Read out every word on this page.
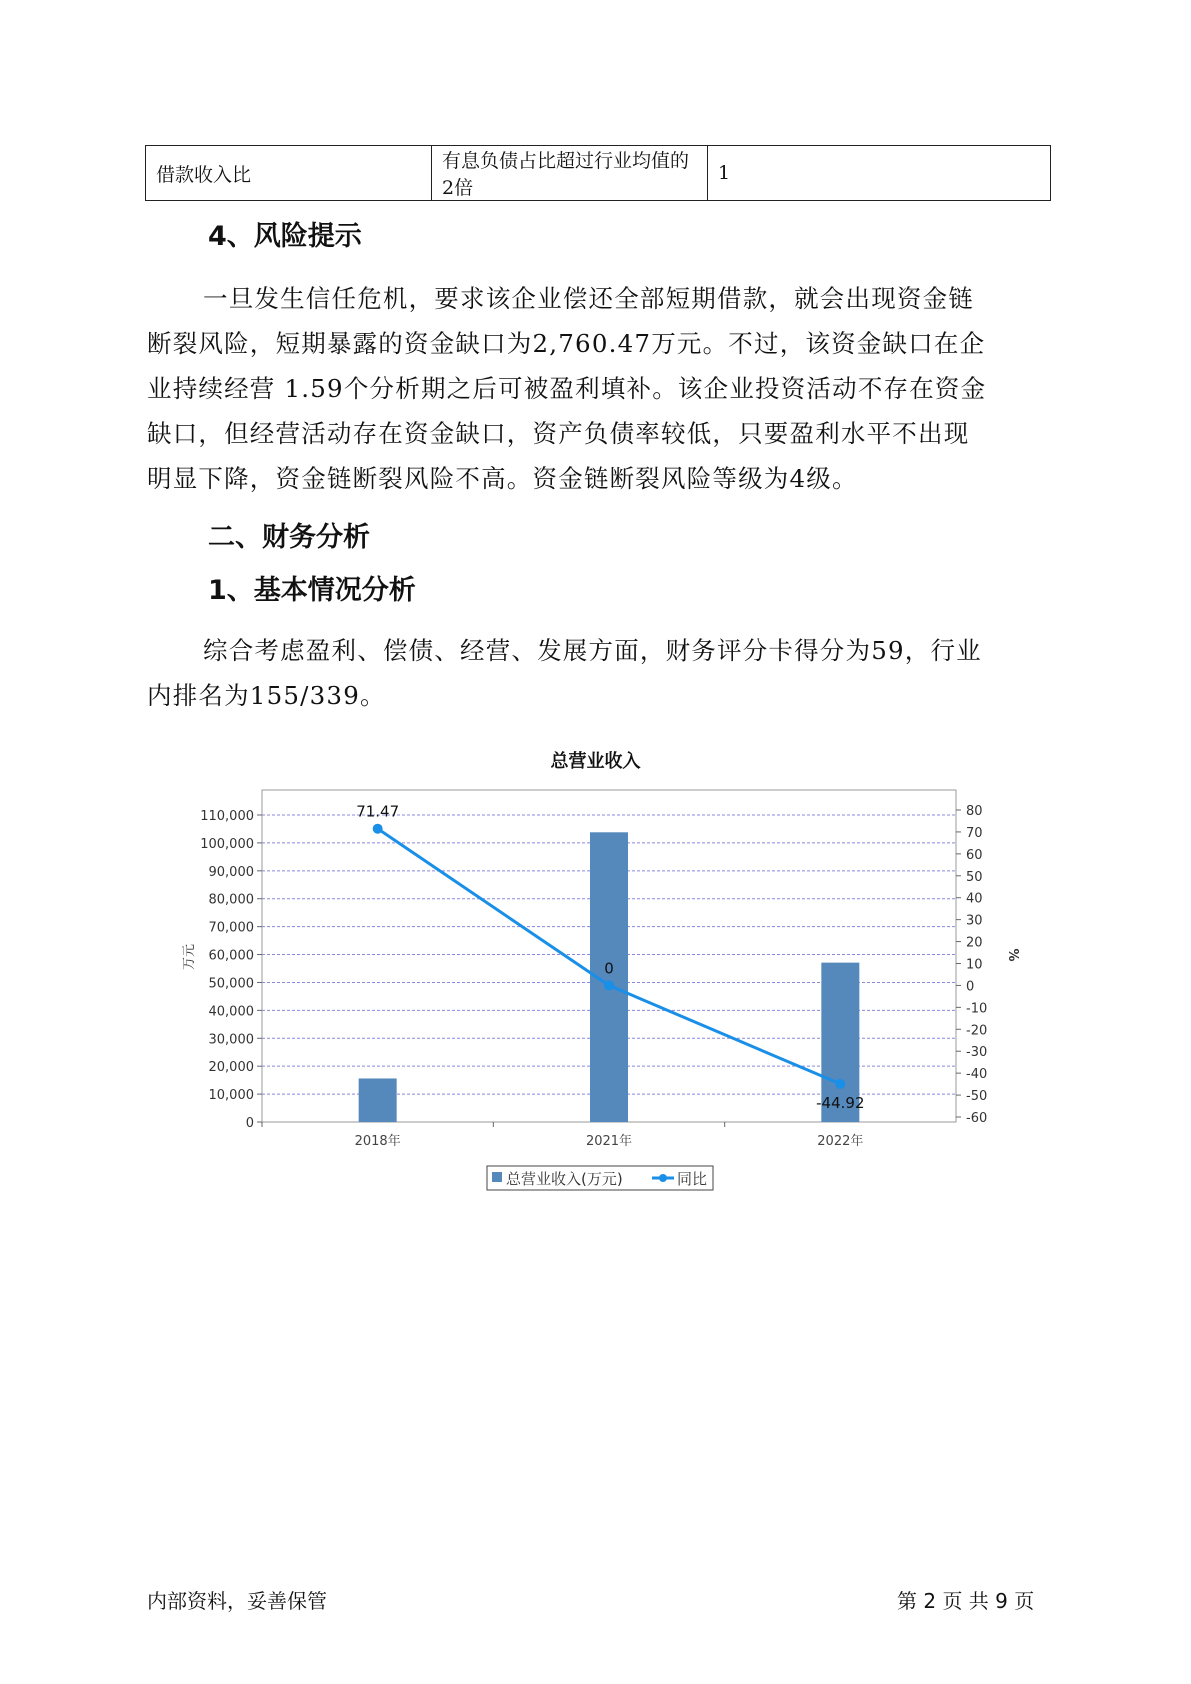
借款收入比	有息负债占比超过行业均值的2倍	1
4、风险提示

一旦发生信任危机，要求该企业偿还全部短期借款，就会出现资金链

断裂风险，短期暴露的资金缺口为2,760.47万元。不过，该资金缺口在企

业持续经营 1.59个分析期之后可被盈利填补。该企业投资活动不存在资金

缺口，但经营活动存在资金缺口，资产负债率较低，只要盈利水平不出现

明显下降，资金链断裂风险不高。资金链断裂风险等级为4级。

二、财务分析
1、基本情况分析

综合考虑盈利、偿债、经营、发展方面，财务评分卡得分为59，行业

内排名为155/339。

总营业收入
0
10,000
20,000
30,000
40,000
50,000
60,000
70,000
80,000
90,000
100,000
110,000
-60
-50
-40
-30
-20
-10
0
10
20
30
40
50
60
70
80
万元	%
2018年	2021年	2022年
71.47
0
-44.92
总营业收入(万元)	同比
内部资料，妥善保管	第 2 页 共 9 页
